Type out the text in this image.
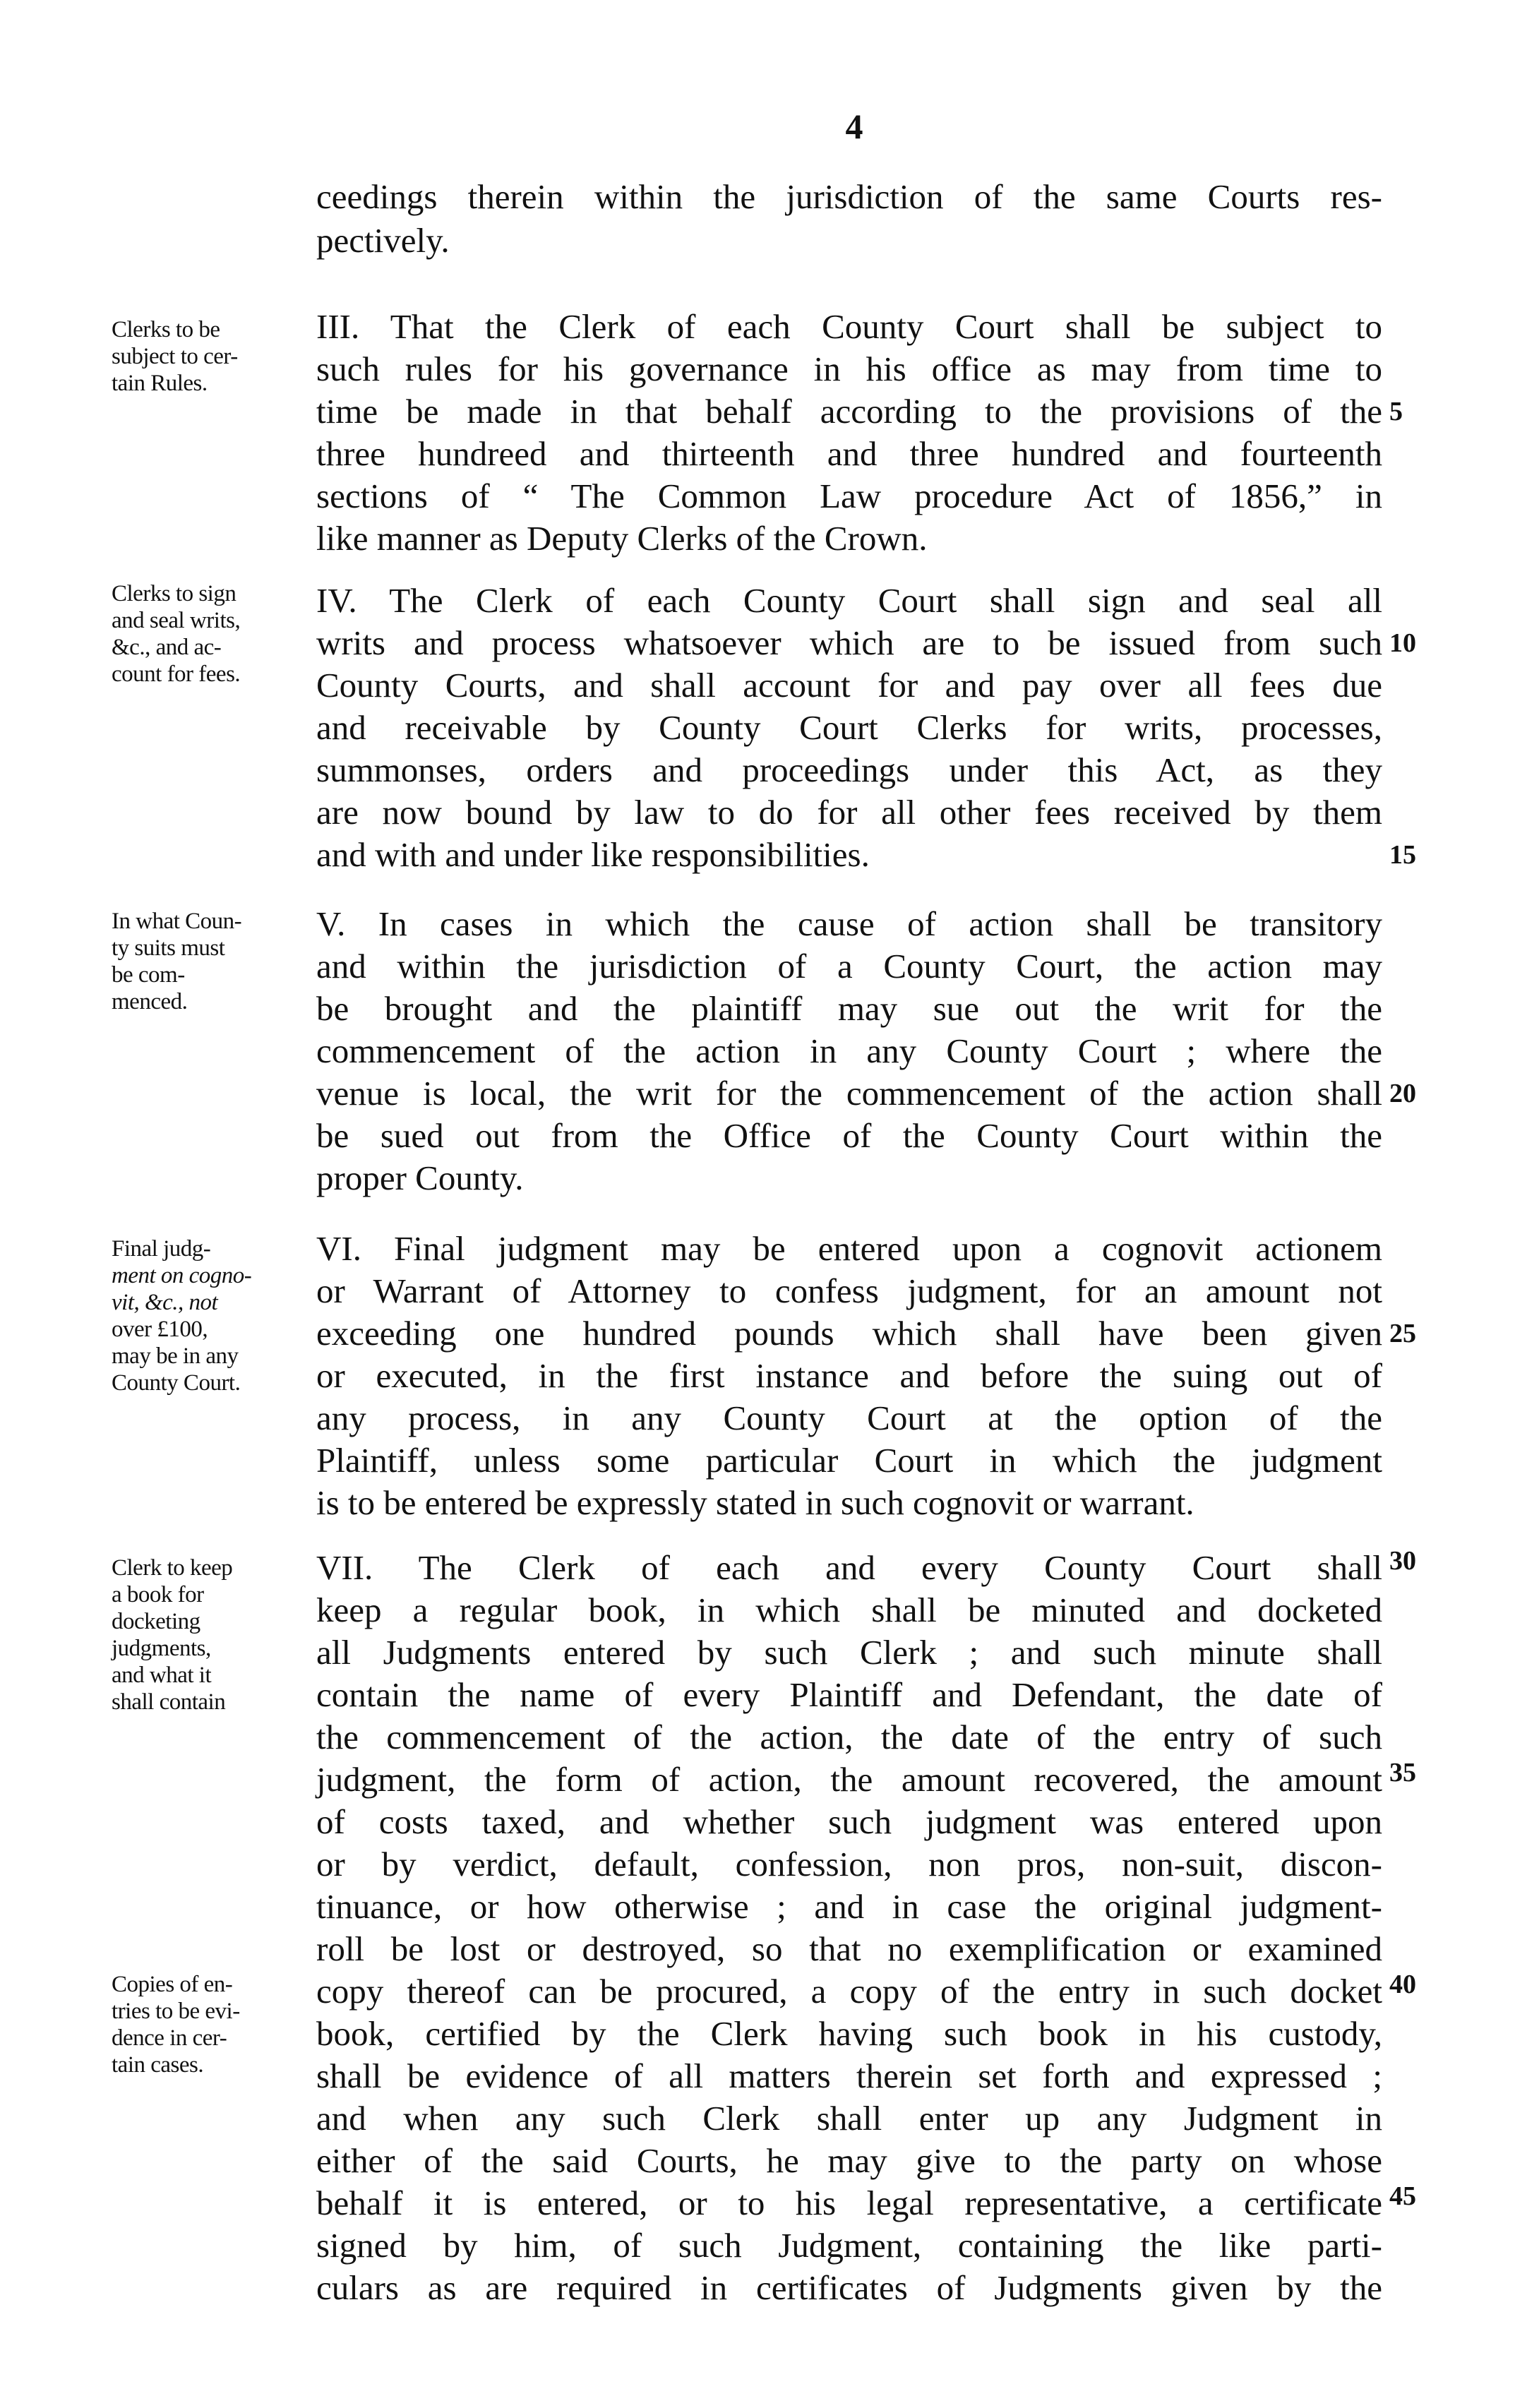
4
ceedings therein within the jurisdiction of the same Courts res-
pectively.
Clerks to be
subject to cer-
tain Rules.
III. That the Clerk of each County Court shall be subject to
such rules for his governance in his office as may from time to
time be made in that behalf according to the provisions of the 5
three hundreed and thirteenth and three hundred and fourteenth
sections of “ The Common Law procedure Act of 1856,” in
like manner as Deputy Clerks of the Crown.
Clerks to sign
and seal writs,
&c., and ac-
count for fees.
IV. The Clerk of each County Court shall sign and seal all
writs and process whatsoever which are to be issued from such 10
County Courts, and shall account for and pay over all fees due
and receivable by County Court Clerks for writs, processes,
summonses, orders and proceedings under this Act, as they
are now bound by law to do for all other fees received by them
and with and under like responsibilities.	15
In what Coun-
ty suits must
be com-
menced.
V. In cases in which the cause of action shall be transitory
and within the jurisdiction of a County Court, the action may
be brought and the plaintiff may sue out the writ for the
commencement of the action in any County Court ; where the
venue is local, the writ for the commencement of the action shall 20
be sued out from the Office of the County Court within the
proper County.
Final judg-
ment on cogno-
vit, &c., not
over £100,
may be in any
County Court.
VI. Final judgment may be entered upon a cognovit actionem
or Warrant of Attorney to confess judgment, for an amount not
exceeding one hundred pounds which shall have been given 25
or executed, in the first instance and before the suing out of
any process, in any County Court at the option of the
Plaintiff, unless some particular Court in which the judgment
is to be entered be expressly stated in such cognovit or warrant.
Clerk to keep
a book for
docketing
judgments,
and what it
shall contain
VII. The Clerk of each and every County Court shall 30
keep a regular book, in which shall be minuted and docketed
all Judgments entered by such Clerk ; and such minute shall
contain the name of every Plaintiff and Defendant, the date of
the commencement of the action, the date of the entry of such
judgment, the form of action, the amount recovered, the amount 35
of costs taxed, and whether such judgment was entered upon
or by verdict, default, confession, non pros, non-suit, discon-
tinuance, or how otherwise ; and in case the original judgment-
roll be lost or destroyed, so that no exemplification or examined
Copies of en-
tries to be evi-
dence in cer-
tain cases.
copy thereof can be procured, a copy of the entry in such docket 40
book, certified by the Clerk having such book in his custody,
shall be evidence of all matters therein set forth and expressed ;
and when any such Clerk shall enter up any Judgment in
either of the said Courts, he may give to the party on whose
behalf it is entered, or to his legal representative, a certificate 45
signed by him, of such Judgment, containing the like parti-
culars as are required in certificates of Judgments given by the
